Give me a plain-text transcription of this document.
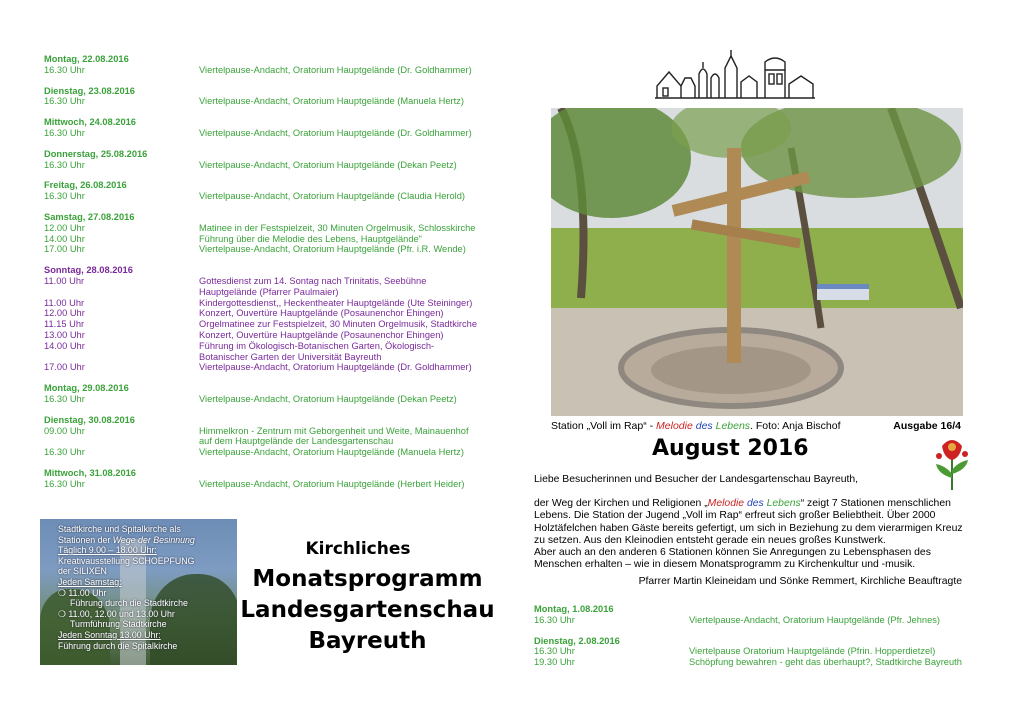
Montag, 22.08.2016
16.30 Uhr	Viertelpause-Andacht, Oratorium Hauptgelände (Dr. Goldhammer)
Dienstag, 23.08.2016
16.30 Uhr	Viertelpause-Andacht, Oratorium Hauptgelände (Manuela Hertz)
Mittwoch, 24.08.2016
16.30 Uhr	Viertelpause-Andacht, Oratorium Hauptgelände (Dr. Goldhammer)
Donnerstag, 25.08.2016
16.30 Uhr	Viertelpause-Andacht, Oratorium Hauptgelände (Dekan Peetz)
Freitag, 26.08.2016
16.30 Uhr	Viertelpause-Andacht, Oratorium Hauptgelände (Claudia Herold)
Samstag, 27.08.2016
12.00 Uhr	Matinee in der Festspielzeit, 30 Minuten Orgelmusik, Schlosskirche
14.00 Uhr	Führung über die Melodie des Lebens, Hauptgelände"
17.00 Uhr	Viertelpause-Andacht, Oratorium Hauptgelände (Pfr. i.R. Wende)
Sonntag, 28.08.2016
11.00 Uhr	Gottesdienst zum 14. Sontag nach Trinitatis, Seebühne
Hauptgelände (Pfarrer Paulmaier)
11.00 Uhr	Kindergottesdienst,, Heckentheater Hauptgelände (Ute Steininger)
12.00 Uhr	Konzert, Ouvertüre Hauptgelände (Posaunenchor Ehingen)
11.15 Uhr	Orgelmatinee zur Festspielzeit, 30 Minuten Orgelmusik, Stadtkirche
13.00 Uhr	Konzert, Ouvertüre Hauptgelände (Posaunenchor Ehingen)
14.00 Uhr	Führung im Ökologisch-Botanischen Garten, Ökologisch-
Botanischer Garten der Universität Bayreuth
17.00 Uhr	Viertelpause-Andacht, Oratorium Hauptgelände (Dr. Goldhammer)
Montag, 29.08.2016
16.30 Uhr	Viertelpause-Andacht, Oratorium Hauptgelände (Dekan Peetz)
Dienstag, 30.08.2016
09.00 Uhr	Himmelkron - Zentrum mit Geborgenheit und Weite, Mainauenhof
auf dem Hauptgelände der Landesgartenschau
16.30 Uhr	Viertelpause-Andacht, Oratorium Hauptgelände (Manuela Hertz)
Mittwoch, 31.08.2016
16.30 Uhr	Viertelpause-Andacht, Oratorium Hauptgelände (Herbert Heider)
Stadtkirche und Spitalkirche als
Stationen der Wege der Besinnung
Täglich 9.00 – 18.00 Uhr:
Kreativausstellung SCHOEPFUNG
der SILIXEN
Jeden Samstag:
❍ 11.00 Uhr
Führung durch die Stadtkirche
❍ 11.00, 12.00 und 13.00 Uhr
Turmführung Stadtkirche
Jeden Sonntag 13.00 Uhr:
Führung durch die Spitalkirche
Kirchliches
Monatsprogramm
Landesgartenschau
Bayreuth
Station „Voll im Rap“ - Melodie des Lebens. Foto: Anja Bischof	Ausgabe 16/4
August 2016
Liebe Besucherinnen und Besucher der Landesgartenschau Bayreuth,
der Weg der Kirchen und Religionen „Melodie des Lebens“ zeigt 7 Stationen menschlichen Lebens. Die Station der Jugend „Voll im Rap“ erfreut sich großer Beliebtheit. Über 2000 Holztäfelchen haben Gäste bereits gefertigt, um sich in Beziehung zu dem vierarmigen Kreuz zu setzen. Aus den Kleinodien entsteht gerade ein neues großes Kunstwerk.
Aber auch an den anderen 6 Stationen können Sie Anregungen zu Lebensphasen des Menschen erhalten – wie in diesem Monatsprogramm zu Kirchenkultur und -musik.
Pfarrer Martin Kleineidam und Sönke Remmert, Kirchliche Beauftragte
Montag, 1.08.2016
16.30 Uhr	Viertelpause-Andacht, Oratorium Hauptgelände (Pfr. Jehnes)
Dienstag, 2.08.2016
16.30 Uhr	Viertelpause Oratorium Hauptgelände (Pfrin. Hopperdietzel)
19.30 Uhr	Schöpfung bewahren - geht das überhaupt?, Stadtkirche Bayreuth
